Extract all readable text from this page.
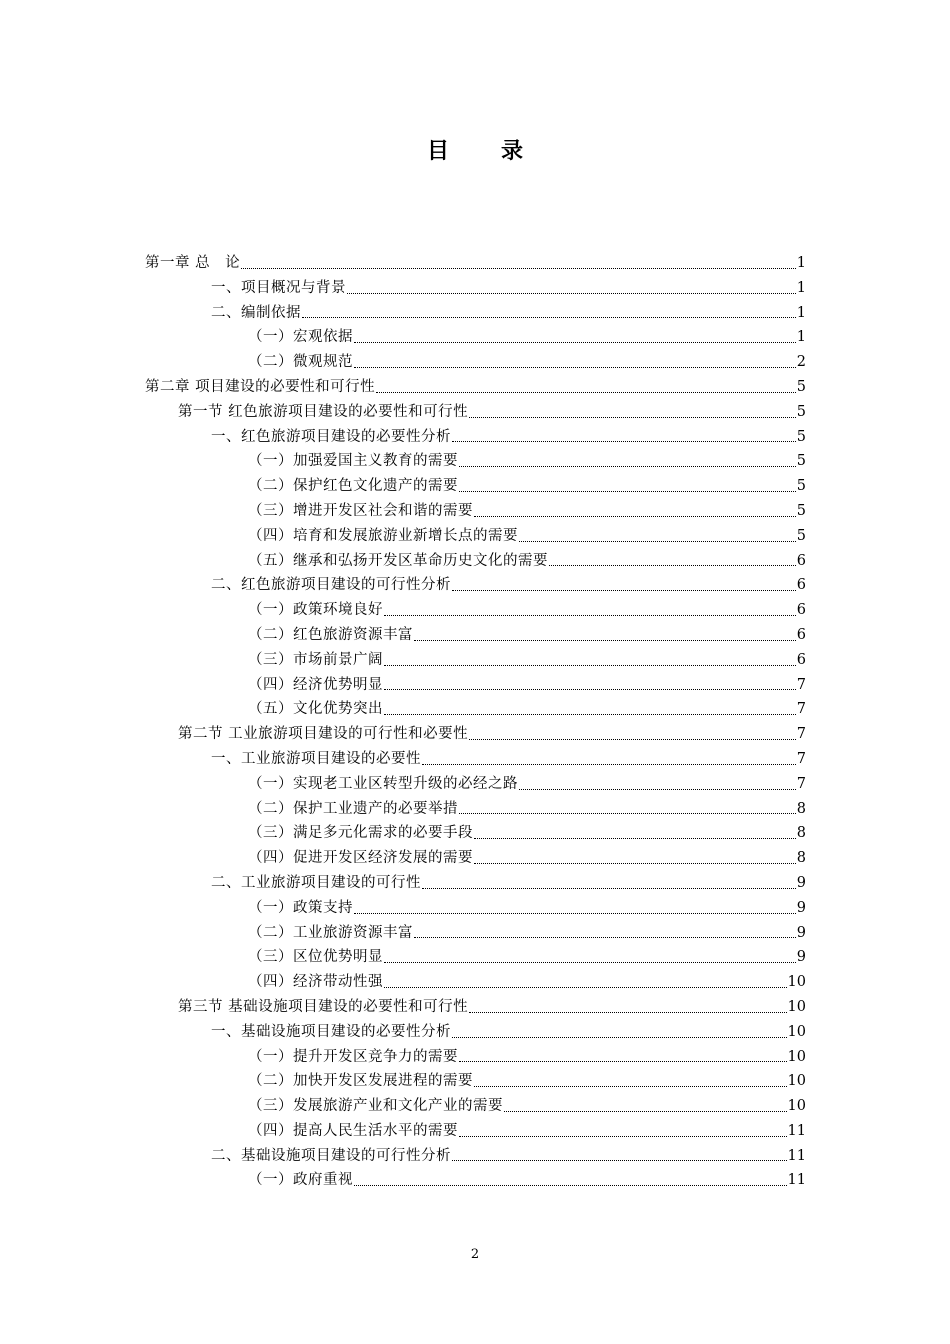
目录
第一章 总　论	1
一、项目概况与背景	1
二、编制依据	1
（一）宏观依据	1
（二）微观规范	2
第二章 项目建设的必要性和可行性	5
第一节 红色旅游项目建设的必要性和可行性	5
一、红色旅游项目建设的必要性分析	5
（一）加强爱国主义教育的需要	5
（二）保护红色文化遗产的需要	5
（三）增进开发区社会和谐的需要	5
（四）培育和发展旅游业新增长点的需要	5
（五）继承和弘扬开发区革命历史文化的需要	6
二、红色旅游项目建设的可行性分析	6
（一）政策环境良好	6
（二）红色旅游资源丰富	6
（三）市场前景广阔	6
（四）经济优势明显	7
（五）文化优势突出	7
第二节 工业旅游项目建设的可行性和必要性	7
一、工业旅游项目建设的必要性	7
（一）实现老工业区转型升级的必经之路	7
（二）保护工业遗产的必要举措	8
（三）满足多元化需求的必要手段	8
（四）促进开发区经济发展的需要	8
二、工业旅游项目建设的可行性	9
（一）政策支持	9
（二）工业旅游资源丰富	9
（三）区位优势明显	9
（四）经济带动性强	10
第三节 基础设施项目建设的必要性和可行性	10
一、基础设施项目建设的必要性分析	10
（一）提升开发区竞争力的需要	10
（二）加快开发区发展进程的需要	10
（三）发展旅游产业和文化产业的需要	10
（四）提高人民生活水平的需要	11
二、基础设施项目建设的可行性分析	11
（一）政府重视	11
2
